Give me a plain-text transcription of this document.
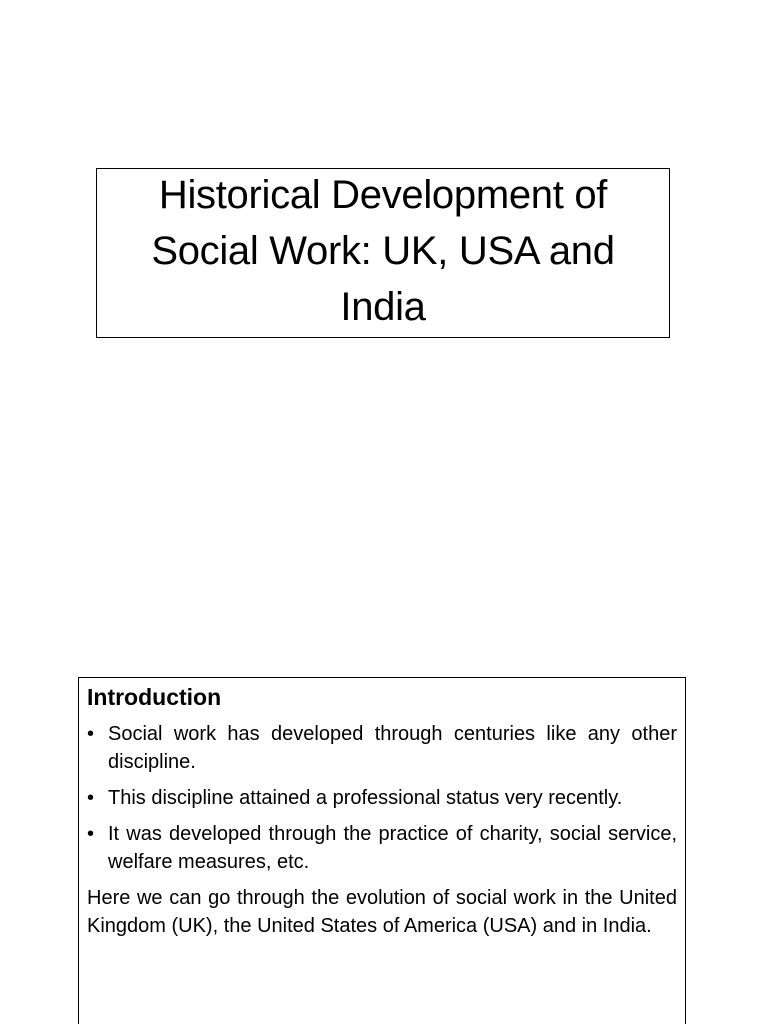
Historical Development of Social Work: UK, USA and India
Introduction
• Social work has developed through centuries like any other discipline.
• This discipline attained a professional status very recently.
• It was developed through the practice of charity, social service, welfare measures, etc.

Here we can go through the evolution of social work in the United Kingdom (UK), the United States of America (USA) and in India.
